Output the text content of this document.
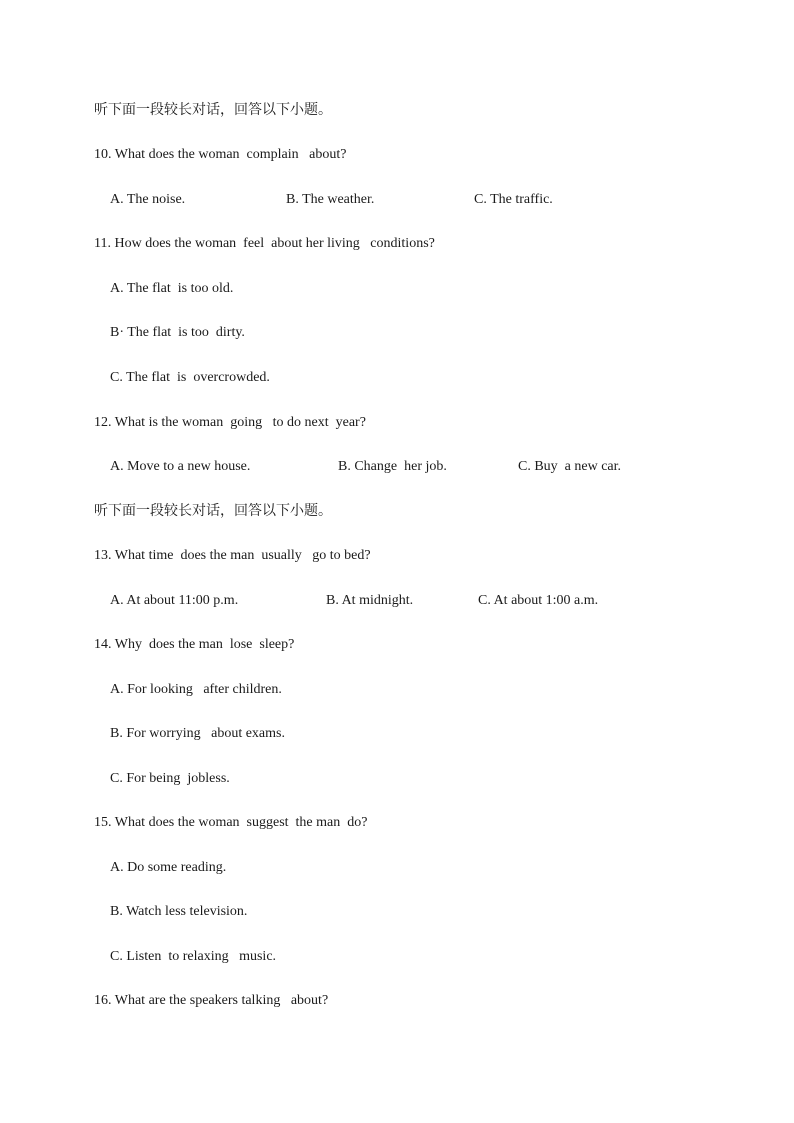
听下面一段较长对话，回答以下小题。

10. What does the woman  complain   about?

A. The noise.

	B. The weather.

	C. The traffic.

11. How does the woman  feel  about her living   conditions?

A. The flat  is too old.

B· The flat  is too  dirty.

C. The flat  is  overcrowded.

12. What is the woman  going   to do next  year?

A. Move to a new house.

	B. Change  her job.

	C. Buy  a new car.

听下面一段较长对话，回答以下小题。

13. What time  does the man  usually   go to bed?

A. At about 11:00 p.m.

	B. At midnight.

	C. At about 1:00 a.m.

14. Why  does the man  lose  sleep?

A. For looking   after children.

B. For worrying   about exams.

C. For being  jobless.

15. What does the woman  suggest  the man  do?

A. Do some reading.

B. Watch less television.

C. Listen  to relaxing   music.

16. What are the speakers talking   about?
